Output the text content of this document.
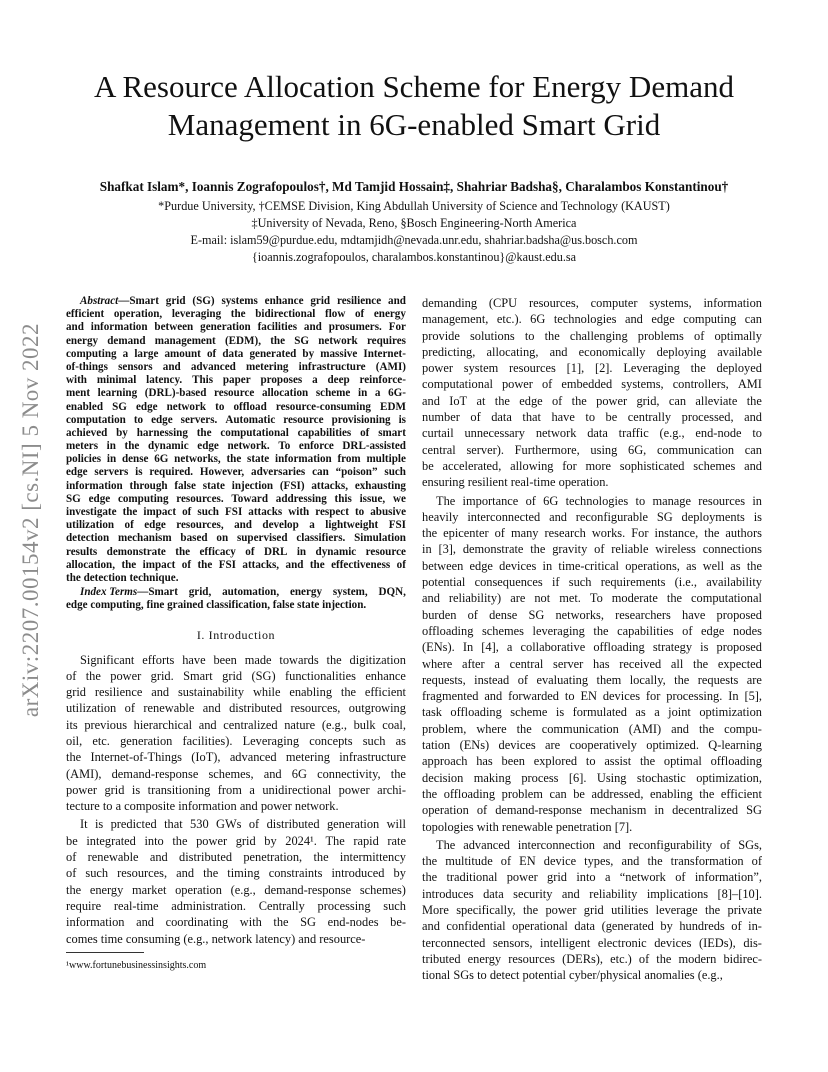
arXiv:2207.00154v2 [cs.NI] 5 Nov 2022
A Resource Allocation Scheme for Energy Demand
Management in 6G-enabled Smart Grid
Shafkat Islam*, Ioannis Zografopoulos†, Md Tamjid Hossain‡, Shahriar Badsha§, Charalambos Konstantinou†
*Purdue University, †CEMSE Division, King Abdullah University of Science and Technology (KAUST)
‡University of Nevada, Reno, §Bosch Engineering-North America
E-mail: islam59@purdue.edu, mdtamjidh@nevada.unr.edu, shahriar.badsha@us.bosch.com
{ioannis.zografopoulos, charalambos.konstantinou}@kaust.edu.sa
Abstract—Smart grid (SG) systems enhance grid resilience and
efficient operation, leveraging the bidirectional flow of energy
and information between generation facilities and prosumers. For
energy demand management (EDM), the SG network requires
computing a large amount of data generated by massive Internet-
of-things sensors and advanced metering infrastructure (AMI)
with minimal latency. This paper proposes a deep reinforce-
ment learning (DRL)-based resource allocation scheme in a 6G-
enabled SG edge network to offload resource-consuming EDM
computation to edge servers. Automatic resource provisioning is
achieved by harnessing the computational capabilities of smart
meters in the dynamic edge network. To enforce DRL-assisted
policies in dense 6G networks, the state information from multiple
edge servers is required. However, adversaries can “poison” such
information through false state injection (FSI) attacks, exhausting
SG edge computing resources. Toward addressing this issue, we
investigate the impact of such FSI attacks with respect to abusive
utilization of edge resources, and develop a lightweight FSI
detection mechanism based on supervised classifiers. Simulation
results demonstrate the efficacy of DRL in dynamic resource
allocation, the impact of the FSI attacks, and the effectiveness of
the detection technique.
Index Terms—Smart grid, automation, energy system, DQN,
edge computing, fine grained classification, false state injection.
I. Introduction
Significant efforts have been made towards the digitization
of the power grid. Smart grid (SG) functionalities enhance
grid resilience and sustainability while enabling the efficient
utilization of renewable and distributed resources, outgrowing
its previous hierarchical and centralized nature (e.g., bulk coal,
oil, etc. generation facilities). Leveraging concepts such as
the Internet-of-Things (IoT), advanced metering infrastructure
(AMI), demand-response schemes, and 6G connectivity, the
power grid is transitioning from a unidirectional power archi-
tecture to a composite information and power network.
It is predicted that 530 GWs of distributed generation will
be integrated into the power grid by 2024¹. The rapid rate
of renewable and distributed penetration, the intermittency
of such resources, and the timing constraints introduced by
the energy market operation (e.g., demand-response schemes)
require real-time administration. Centrally processing such
information and coordinating with the SG end-nodes be-
comes time consuming (e.g., network latency) and resource-
demanding (CPU resources, computer systems, information
management, etc.). 6G technologies and edge computing can
provide solutions to the challenging problems of optimally
predicting, allocating, and economically deploying available
power system resources [1], [2]. Leveraging the deployed
computational power of embedded systems, controllers, AMI
and IoT at the edge of the power grid, can alleviate the
number of data that have to be centrally processed, and
curtail unnecessary network data traffic (e.g., end-node to
central server). Furthermore, using 6G, communication can
be accelerated, allowing for more sophisticated schemes and
ensuring resilient real-time operation.
The importance of 6G technologies to manage resources in
heavily interconnected and reconfigurable SG deployments is
the epicenter of many research works. For instance, the authors
in [3], demonstrate the gravity of reliable wireless connections
between edge devices in time-critical operations, as well as the
potential consequences if such requirements (i.e., availability
and reliability) are not met. To moderate the computational
burden of dense SG networks, researchers have proposed
offloading schemes leveraging the capabilities of edge nodes
(ENs). In [4], a collaborative offloading strategy is proposed
where after a central server has received all the expected
requests, instead of evaluating them locally, the requests are
fragmented and forwarded to EN devices for processing. In [5],
task offloading scheme is formulated as a joint optimization
problem, where the communication (AMI) and the compu-
tation (ENs) devices are cooperatively optimized. Q-learning
approach has been explored to assist the optimal offloading
decision making process [6]. Using stochastic optimization,
the offloading problem can be addressed, enabling the efficient
operation of demand-response mechanism in decentralized SG
topologies with renewable penetration [7].
The advanced interconnection and reconfigurability of SGs,
the multitude of EN device types, and the transformation of
the traditional power grid into a “network of information”,
introduces data security and reliability implications [8]–[10].
More specifically, the power grid utilities leverage the private
and confidential operational data (generated by hundreds of in-
terconnected sensors, intelligent electronic devices (IEDs), dis-
tributed energy resources (DERs), etc.) of the modern bidirec-
tional SGs to detect potential cyber/physical anomalies (e.g.,
¹www.fortunebusinessinsights.com
